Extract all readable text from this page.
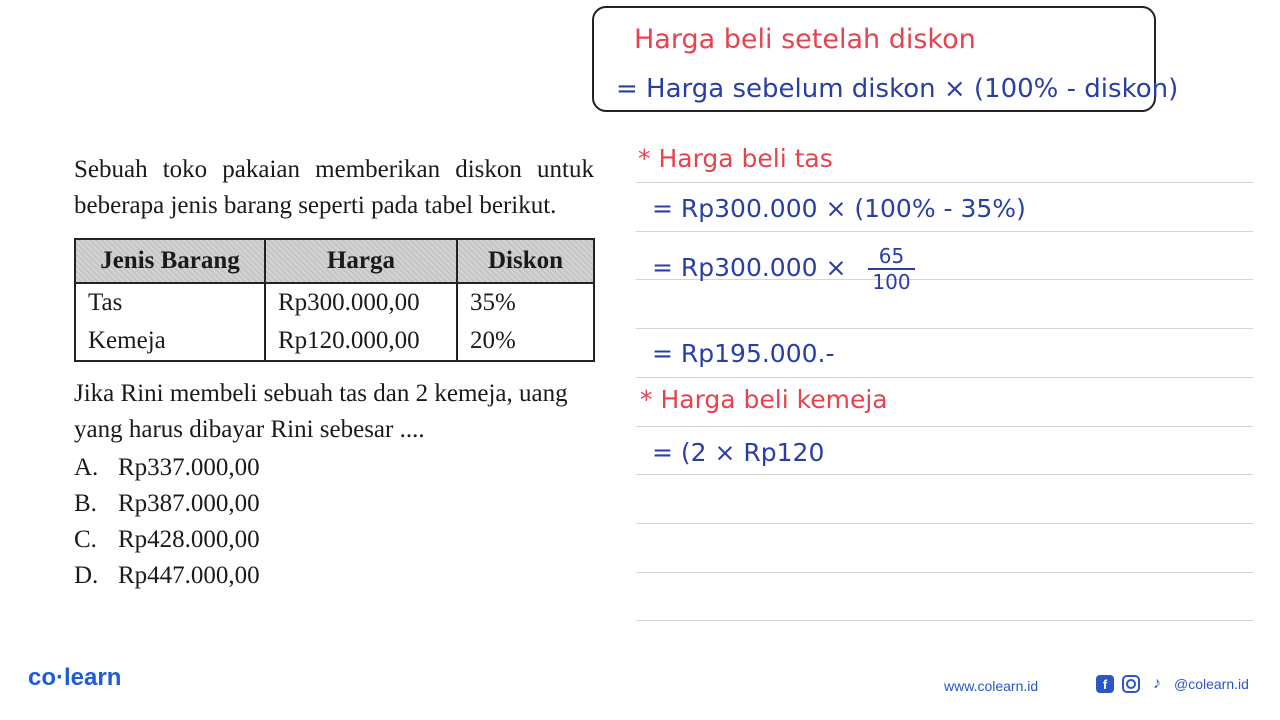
Sebuah toko pakaian memberikan diskon untuk beberapa jenis barang seperti pada tabel berikut.

Jenis Barang	Harga	Diskon
Tas	Rp300.000,00	35%
Kemeja	Rp120.000,00	20%

Jika Rini membeli sebuah tas dan 2 kemeja, uang yang harus dibayar Rini sebesar ....

A. Rp337.000,00
B. Rp387.000,00
C. Rp428.000,00
D. Rp447.000,00
Harga beli setelah diskon
= Harga sebelum diskon × (100% - diskon)
* Harga beli tas
= Rp300.000 × (100% - 35%)
= $Rp300.000 \times \frac{65}{100}$
= Rp195.000.-
* Harga beli kemeja
= (2 × Rp120
co·learn	www.colearn.id	f	♪ @colearn.id
